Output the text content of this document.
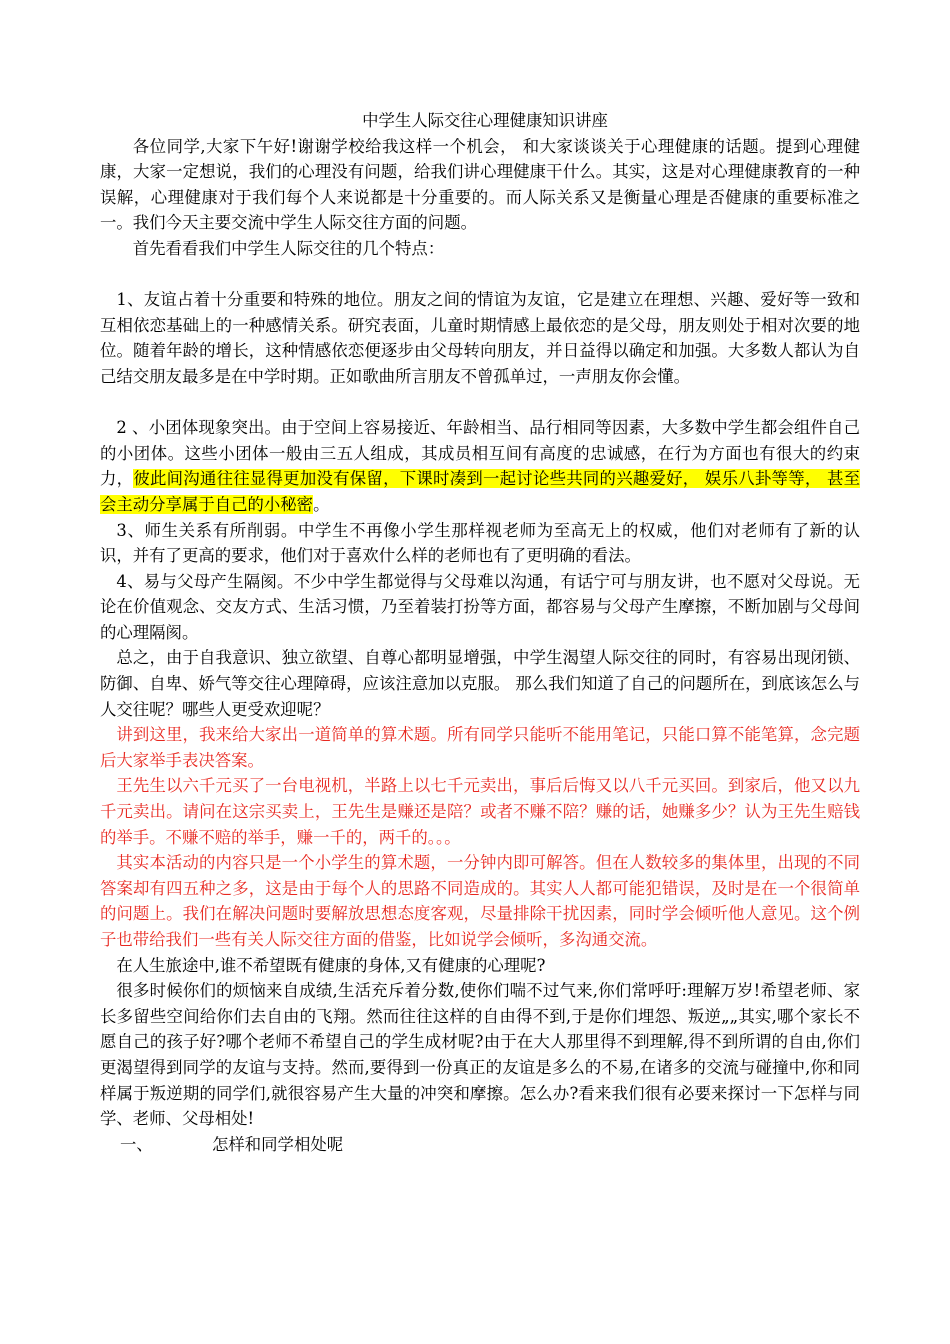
中学生人际交往心理健康知识讲座

各位同学,大家下午好!谢谢学校给我这样一个机会， 和大家谈谈关于心理健康的话题。提到心理健康，大家一定想说，我们的心理没有问题，给我们讲心理健康干什么。其实，这是对心理健康教育的一种误解，心理健康对于我们每个人来说都是十分重要的。而人际关系又是衡量心理是否健康的重要标准之一。我们今天主要交流中学生人际交往方面的问题。

首先看看我们中学生人际交往的几个特点：

1、友谊占着十分重要和特殊的地位。朋友之间的情谊为友谊，它是建立在理想、兴趣、爱好等一致和互相依恋基础上的一种感情关系。研究表面，儿童时期情感上最依恋的是父母，朋友则处于相对次要的地位。随着年龄的增长，这种情感依恋便逐步由父母转向朋友，并日益得以确定和加强。大多数人都认为自己结交朋友最多是在中学时期。正如歌曲所言朋友不曾孤单过，一声朋友你会懂。

2 、小团体现象突出。由于空间上容易接近、年龄相当、品行相同等因素，大多数中学生都会组件自己的小团体。这些小团体一般由三五人组成，其成员相互间有高度的忠诚感，在行为方面也有很大的约束力，彼此间沟通往往显得更加没有保留，下课时凑到一起讨论些共同的兴趣爱好， 娱乐八卦等等， 甚至会主动分享属于自己的小秘密。

3、师生关系有所削弱。中学生不再像小学生那样视老师为至高无上的权威，他们对老师有了新的认识，并有了更高的要求，他们对于喜欢什么样的老师也有了更明确的看法。

4、易与父母产生隔阂。不少中学生都觉得与父母难以沟通，有话宁可与朋友讲，也不愿对父母说。无论在价值观念、交友方式、生活习惯，乃至着装打扮等方面，都容易与父母产生摩擦，不断加剧与父母间的心理隔阂。

总之，由于自我意识、独立欲望、自尊心都明显增强，中学生渴望人际交往的同时，有容易出现闭锁、防御、自卑、娇气等交往心理障碍，应该注意加以克服。 那么我们知道了自己的问题所在，到底该怎么与人交往呢？哪些人更受欢迎呢？

讲到这里，我来给大家出一道简单的算术题。所有同学只能听不能用笔记，只能口算不能笔算，念完题后大家举手表决答案。

王先生以六千元买了一台电视机，半路上以七千元卖出，事后后悔又以八千元买回。到家后，他又以九千元卖出。请问在这宗买卖上，王先生是赚还是陪？或者不赚不陪？赚的话，她赚多少？认为王先生赔钱的举手。不赚不赔的举手，赚一千的，两千的。。。

其实本活动的内容只是一个小学生的算术题，一分钟内即可解答。但在人数较多的集体里，出现的不同答案却有四五种之多，这是由于每个人的思路不同造成的。其实人人都可能犯错误，及时是在一个很简单的问题上。我们在解决问题时要解放思想态度客观，尽量排除干扰因素，同时学会倾听他人意见。这个例子也带给我们一些有关人际交往方面的借鉴，比如说学会倾听，多沟通交流。

在人生旅途中,谁不希望既有健康的身体,又有健康的心理呢?

很多时候你们的烦恼来自成绩,生活充斥着分数,使你们喘不过气来,你们常呼吁:理解万岁!希望老师、家长多留些空间给你们去自由的飞翔。然而往往这样的自由得不到,于是你们埋怨、叛逆„„其实,哪个家长不愿自己的孩子好?哪个老师不希望自己的学生成材呢?由于在大人那里得不到理解,得不到所谓的自由,你们更渴望得到同学的友谊与支持。然而,要得到一份真正的友谊是多么的不易,在诸多的交流与碰撞中,你和同样属于叛逆期的同学们,就很容易产生大量的冲突和摩擦。怎么办?看来我们很有必要来探讨一下怎样与同学、老师、父母相处!

一、	怎样和同学相处呢
